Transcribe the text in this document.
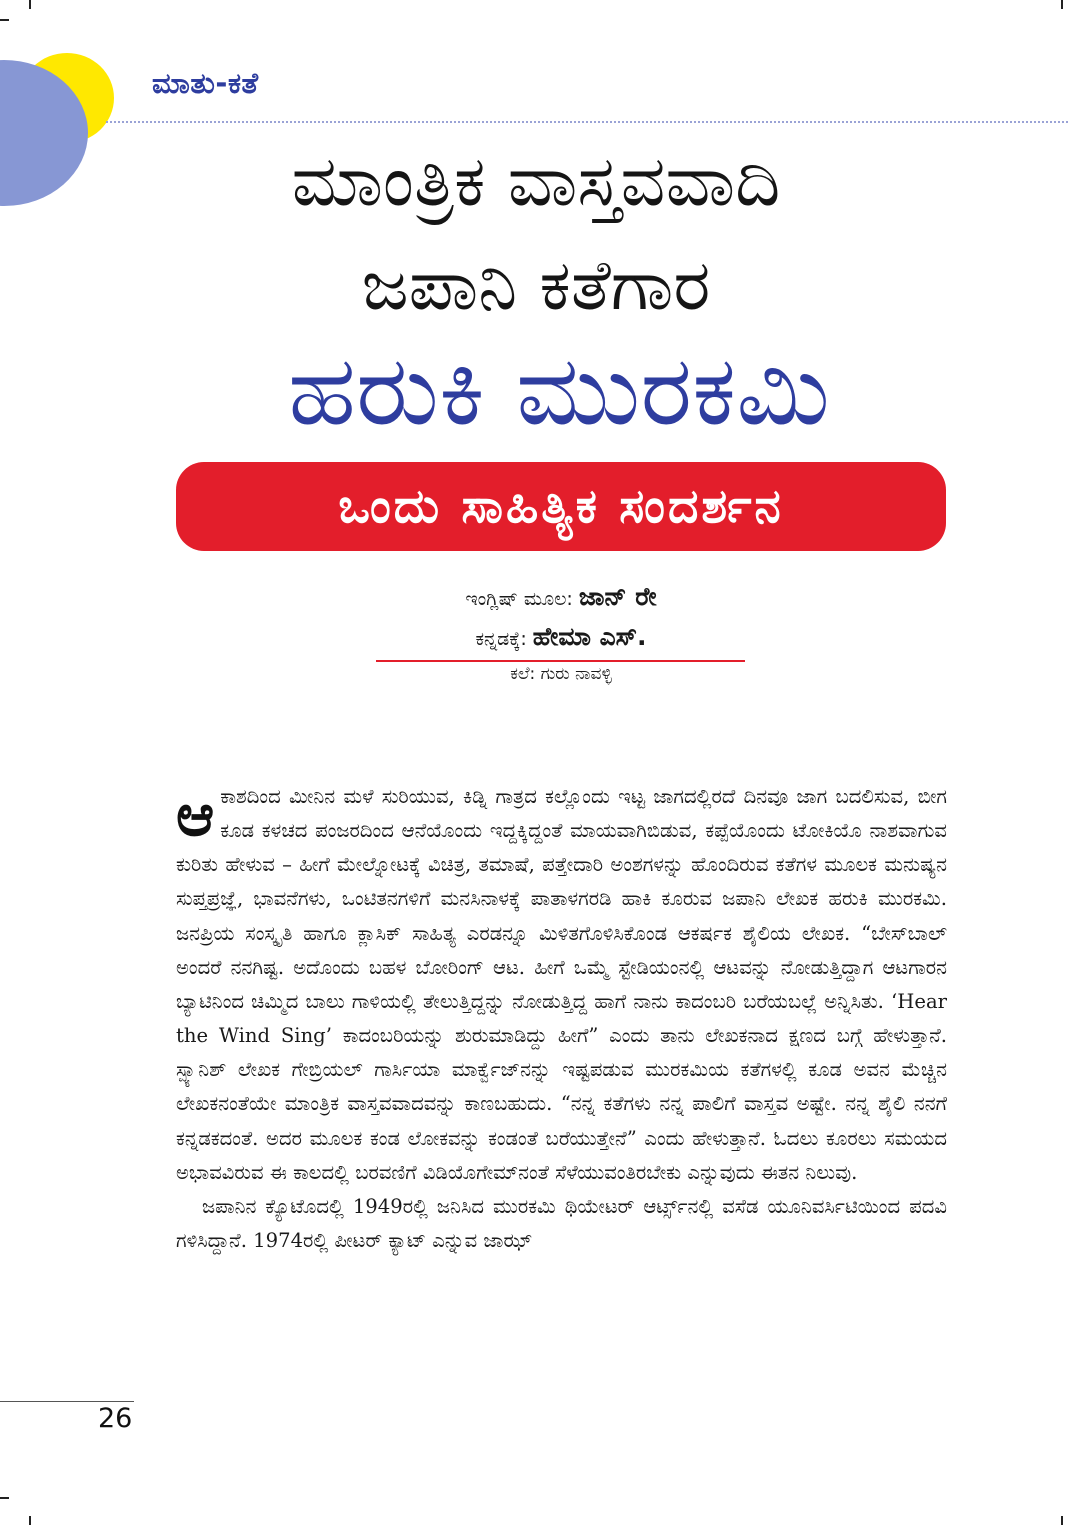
ಮಾತು-ಕತೆ
ಮಾಂತ್ರಿಕ ವಾಸ್ತವವಾದಿ
ಜಪಾನಿ ಕತೆಗಾರ
ಹರುಕಿ ಮುರಕಮಿ
ಒಂದು ಸಾಹಿತ್ಯಿಕ ಸಂದರ್ಶನ
ಇಂಗ್ಲಿಷ್ ಮೂಲ: ಜಾನ್ ರೇ
ಕನ್ನಡಕ್ಕೆ: ಹೇಮಾ ಎಸ್.
ಕಲೆ: ಗುರು ನಾವಳ್ಳಿ

ಆಕಾಶದಿಂದ ಮೀನಿನ ಮಳೆ ಸುರಿಯುವ, ಕಿಡ್ನಿ ಗಾತ್ರದ ಕಲ್ಲೊಂದು ಇಟ್ಟ ಜಾಗದಲ್ಲಿರದೆ ದಿನವೂ ಜಾಗ ಬದಲಿಸುವ, ಬೀಗ ಕೂಡ ಕಳಚದ ಪಂಜರದಿಂದ ಆನೆಯೊಂದು ಇದ್ದಕ್ಕಿದ್ದಂತೆ ಮಾಯವಾಗಿಬಿಡುವ, ಕಪ್ಪೆಯೊಂದು ಟೋಕಿಯೊ ನಾಶವಾಗುವ ಕುರಿತು ಹೇಳುವ – ಹೀಗೆ ಮೇಲ್ನೋಟಕ್ಕೆ ವಿಚಿತ್ರ, ತಮಾಷೆ, ಪತ್ತೇದಾರಿ ಅಂಶಗಳನ್ನು ಹೊಂದಿರುವ ಕತೆಗಳ ಮೂಲಕ ಮನುಷ್ಯನ ಸುಪ್ತಪ್ರಜ್ಞೆ, ಭಾವನೆಗಳು, ಒಂಟಿತನಗಳಿಗೆ ಮನಸಿನಾಳಕ್ಕೆ ಪಾತಾಳಗರಡಿ ಹಾಕಿ ಕೂರುವ ಜಪಾನಿ ಲೇಖಕ ಹರುಕಿ ಮುರಕಮಿ. ಜನಪ್ರಿಯ ಸಂಸ್ಕೃತಿ ಹಾಗೂ ಕ್ಲಾಸಿಕ್ ಸಾಹಿತ್ಯ ಎರಡನ್ನೂ ಮಿಳಿತಗೊಳಿಸಿಕೊಂಡ ಆಕರ್ಷಕ ಶೈಲಿಯ ಲೇಖಕ. “ಬೇಸ್‌ಬಾಲ್ ಅಂದರೆ ನನಗಿಷ್ಟ. ಅದೊಂದು ಬಹಳ ಬೋರಿಂಗ್ ಆಟ. ಹೀಗೆ ಒಮ್ಮೆ ಸ್ಟೇಡಿಯಂನಲ್ಲಿ ಆಟವನ್ನು ನೋಡುತ್ತಿದ್ದಾಗ ಆಟಗಾರನ ಬ್ಯಾಟಿನಿಂದ ಚಿಮ್ಮಿದ ಬಾಲು ಗಾಳಿಯಲ್ಲಿ ತೇಲುತ್ತಿದ್ದನ್ನು ನೋಡುತ್ತಿದ್ದ ಹಾಗೆ ನಾನು ಕಾದಂಬರಿ ಬರೆಯಬಲ್ಲೆ ಅನ್ನಿಸಿತು. ‘Hear the Wind Sing’ ಕಾದಂಬರಿಯನ್ನು ಶುರುಮಾಡಿದ್ದು ಹೀಗೆ” ಎಂದು ತಾನು ಲೇಖಕನಾದ ಕ್ಷಣದ ಬಗ್ಗೆ ಹೇಳುತ್ತಾನೆ. ಸ್ಪ್ಯಾನಿಶ್ ಲೇಖಕ ಗೇಬ್ರಿಯಲ್ ಗಾರ್ಸಿಯಾ ಮಾರ್ಕ್ವೆಜ್‌ನನ್ನು ಇಷ್ಟಪಡುವ ಮುರಕಮಿಯ ಕತೆಗಳಲ್ಲಿ ಕೂಡ ಅವನ ಮೆಚ್ಚಿನ ಲೇಖಕನಂತೆಯೇ ಮಾಂತ್ರಿಕ ವಾಸ್ತವವಾದವನ್ನು ಕಾಣಬಹುದು. “ನನ್ನ ಕತೆಗಳು ನನ್ನ ಪಾಲಿಗೆ ವಾಸ್ತವ ಅಷ್ಟೇ. ನನ್ನ ಶೈಲಿ ನನಗೆ ಕನ್ನಡಕದಂತೆ. ಅದರ ಮೂಲಕ ಕಂಡ ಲೋಕವನ್ನು ಕಂಡಂತೆ ಬರೆಯುತ್ತೇನೆ” ಎಂದು ಹೇಳುತ್ತಾನೆ. ಓದಲು ಕೂರಲು ಸಮಯದ ಅಭಾವವಿರುವ ಈ ಕಾಲದಲ್ಲಿ ಬರವಣಿಗೆ ವಿಡಿಯೊಗೇಮ್‌ನಂತೆ ಸೆಳೆಯುವಂತಿರಬೇಕು ಎನ್ನುವುದು ಈತನ ನಿಲುವು.

ಜಪಾನಿನ ಕ್ಯೊಟೊದಲ್ಲಿ 1949ರಲ್ಲಿ ಜನಿಸಿದ ಮುರಕಮಿ ಥಿಯೇಟರ್ ಆರ್ಟ್ಸ್‌ನಲ್ಲಿ ವಸೆಡ ಯೂನಿವರ್ಸಿಟಿಯಿಂದ ಪದವಿ ಗಳಿಸಿದ್ದಾನೆ. 1974ರಲ್ಲಿ ಪೀಟರ್ ಕ್ಯಾಟ್ ಎನ್ನುವ ಜಾಝ್

26
